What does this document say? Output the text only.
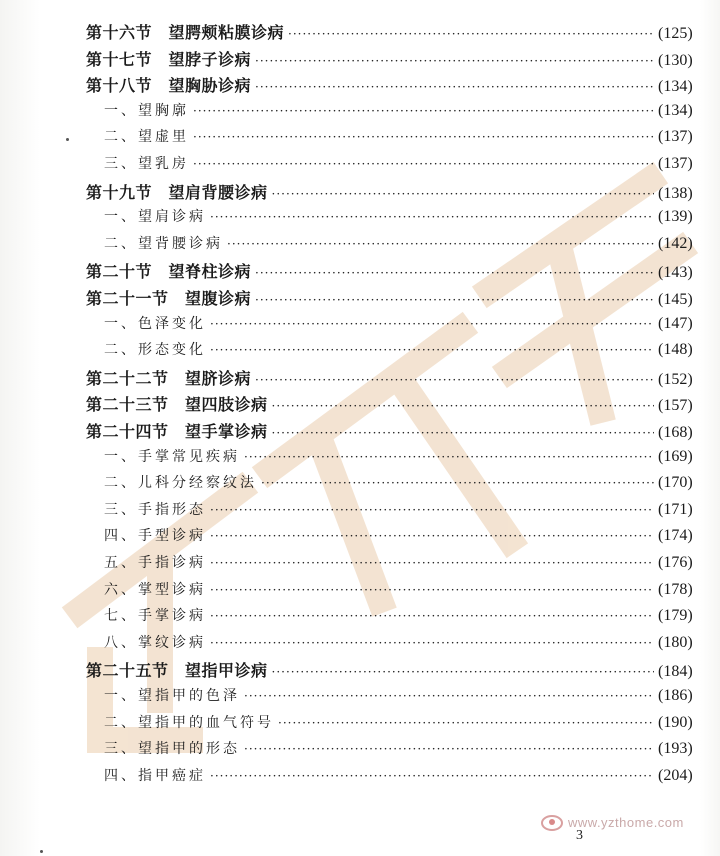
第十六节　望腭颊粘膜诊病 ·····	(125)
第十七节　望脖子诊病 ·····	(130)
第十八节　望胸胁诊病 ·····	(134)
一、望胸廓 ·····	(134)
二、望虚里 ·····	(137)
三、望乳房 ·····	(137)
第十九节　望肩背腰诊病 ·····	(138)
一、望肩诊病 ·····	(139)
二、望背腰诊病 ·····	(142)
第二十节　望脊柱诊病 ·····	(143)
第二十一节　望腹诊病 ·····	(145)
一、色泽变化 ·····	(147)
二、形态变化 ·····	(148)
第二十二节　望脐诊病 ·····	(152)
第二十三节　望四肢诊病 ·····	(157)
第二十四节　望手掌诊病 ·····	(168)
一、手掌常见疾病 ·····	(169)
二、儿科分经察纹法 ·····	(170)
三、手指形态 ·····	(171)
四、手型诊病 ·····	(174)
五、手指诊病 ·····	(176)
六、掌型诊病 ·····	(178)
七、手掌诊病 ·····	(179)
八、掌纹诊病 ·····	(180)
第二十五节　望指甲诊病 ·····	(184)
一、望指甲的色泽 ·····	(186)
二、望指甲的血气符号 ·····	(190)
三、望指甲的形态 ·····	(193)
四、指甲癌症 ·····	(204)
www.yzthome.com
3
